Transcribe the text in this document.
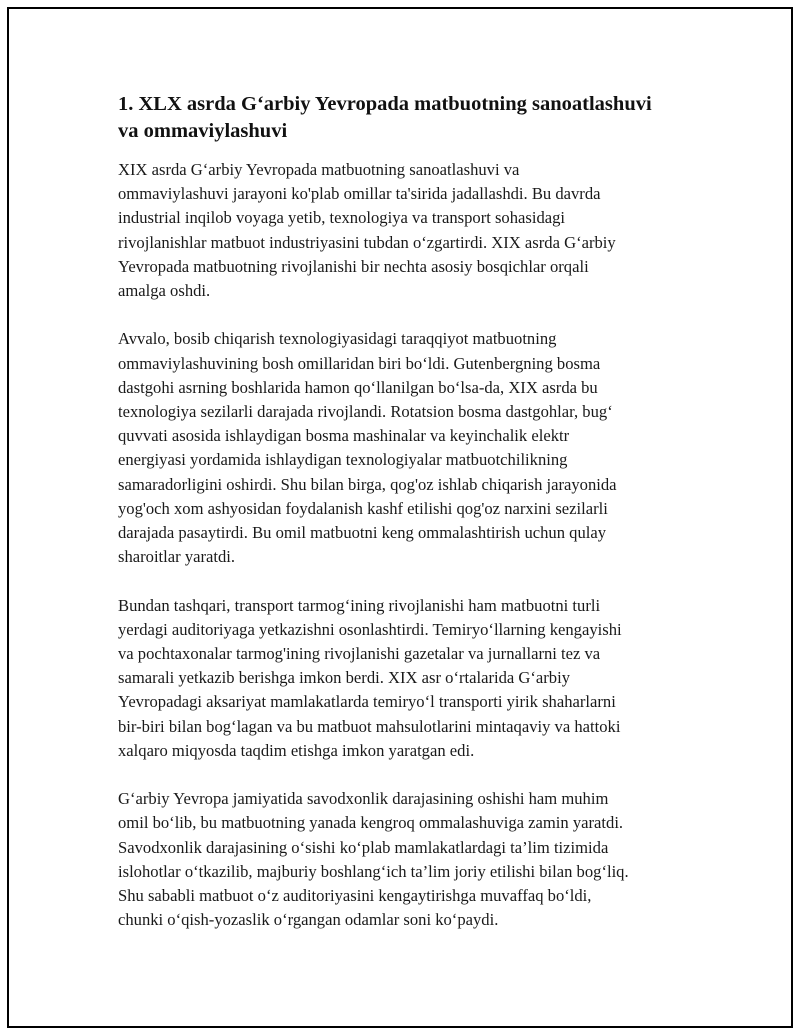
1. XLX asrda G‘arbiy Yevropada matbuotning sanoatlashuvi
va ommaviylashuvi

XIX asrda G‘arbiy Yevropada matbuotning sanoatlashuvi va
ommaviylashuvi jarayoni ko'plab omillar ta'sirida jadallashdi. Bu davrda
industrial inqilob voyaga yetib, texnologiya va transport sohasidagi
rivojlanishlar matbuot industriyasini tubdan o‘zgartirdi. XIX asrda G‘arbiy
Yevropada matbuotning rivojlanishi bir nechta asosiy bosqichlar orqali
amalga oshdi.

Avvalo, bosib chiqarish texnologiyasidagi taraqqiyot matbuotning
ommaviylashuvining bosh omillaridan biri bo‘ldi. Gutenbergning bosma
dastgohi asrning boshlarida hamon qo‘llanilgan bo‘lsa-da, XIX asrda bu
texnologiya sezilarli darajada rivojlandi. Rotatsion bosma dastgohlar, bug‘
quvvati asosida ishlaydigan bosma mashinalar va keyinchalik elektr
energiyasi yordamida ishlaydigan texnologiyalar matbuotchilikning
samaradorligini oshirdi. Shu bilan birga, qog'oz ishlab chiqarish jarayonida
yog'och xom ashyosidan foydalanish kashf etilishi qog'oz narxini sezilarli
darajada pasaytirdi. Bu omil matbuotni keng ommalashtirish uchun qulay
sharoitlar yaratdi.

Bundan tashqari, transport tarmog‘ining rivojlanishi ham matbuotni turli
yerdagi auditoriyaga yetkazishni osonlashtirdi. Temiryo‘llarning kengayishi
va pochtaxonalar tarmog'ining rivojlanishi gazetalar va jurnallarni tez va
samarali yetkazib berishga imkon berdi. XIX asr o‘rtalarida G‘arbiy
Yevropadagi aksariyat mamlakatlarda temiryo‘l transporti yirik shaharlarni
bir-biri bilan bog‘lagan va bu matbuot mahsulotlarini mintaqaviy va hattoki
xalqaro miqyosda taqdim etishga imkon yaratgan edi.

G‘arbiy Yevropa jamiyatida savodxonlik darajasining oshishi ham muhim
omil bo‘lib, bu matbuotning yanada kengroq ommalashuviga zamin yaratdi.
Savodxonlik darajasining o‘sishi ko‘plab mamlakatlardagi ta’lim tizimida
islohotlar o‘tkazilib, majburiy boshlang‘ich ta’lim joriy etilishi bilan bog‘liq.
Shu sababli matbuot o‘z auditoriyasini kengaytirishga muvaffaq bo‘ldi,
chunki o‘qish-yozaslik o‘rgangan odamlar soni ko‘paydi.
